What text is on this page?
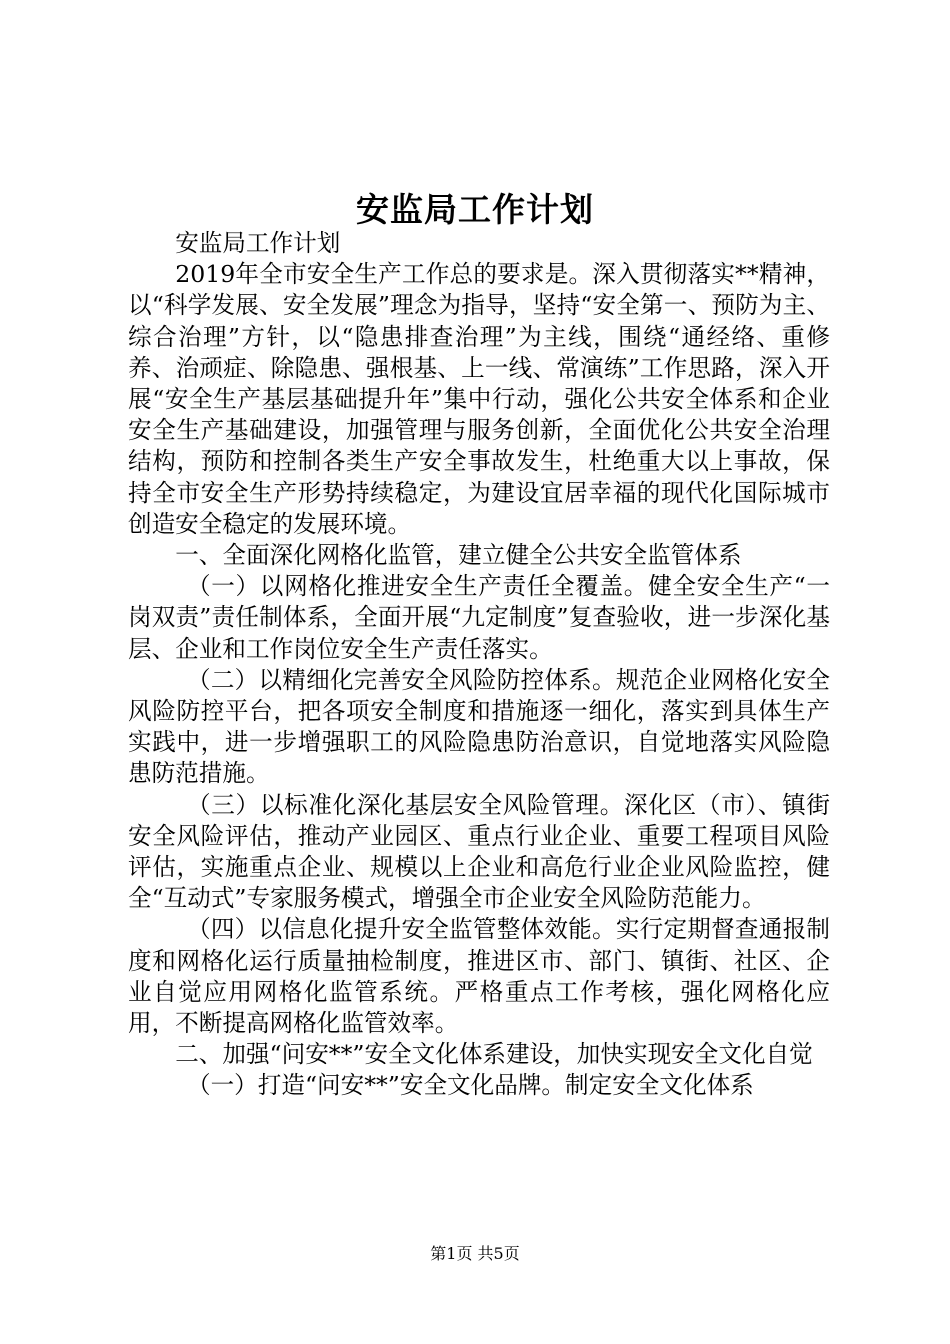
安监局工作计划

安监局工作计划

2019年全市安全生产工作总的要求是。深入贯彻落实**精神，以“科学发展、安全发展”理念为指导，坚持“安全第一、预防为主、综合治理”方针，以“隐患排查治理”为主线，围绕“通经络、重修养、治顽症、除隐患、强根基、上一线、常演练”工作思路，深入开展“安全生产基层基础提升年”集中行动，强化公共安全体系和企业安全生产基础建设，加强管理与服务创新，全面优化公共安全治理结构，预防和控制各类生产安全事故发生，杜绝重大以上事故，保持全市安全生产形势持续稳定，为建设宜居幸福的现代化国际城市创造安全稳定的发展环境。

一、全面深化网格化监管，建立健全公共安全监管体系

（一）以网格化推进安全生产责任全覆盖。健全安全生产“一岗双责”责任制体系，全面开展“九定制度”复查验收，进一步深化基层、企业和工作岗位安全生产责任落实。

（二）以精细化完善安全风险防控体系。规范企业网格化安全风险防控平台，把各项安全制度和措施逐一细化，落实到具体生产实践中，进一步增强职工的风险隐患防治意识，自觉地落实风险隐患防范措施。

（三）以标准化深化基层安全风险管理。深化区（市）、镇街安全风险评估，推动产业园区、重点行业企业、重要工程项目风险评估，实施重点企业、规模以上企业和高危行业企业风险监控，健全“互动式”专家服务模式，增强全市企业安全风险防范能力。

（四）以信息化提升安全监管整体效能。实行定期督查通报制度和网格化运行质量抽检制度，推进区市、部门、镇街、社区、企业自觉应用网格化监管系统。严格重点工作考核，强化网格化应用，不断提高网格化监管效率。

二、加强“问安**”安全文化体系建设，加快实现安全文化自觉

（一）打造“问安**”安全文化品牌。制定安全文化体系

第1页 共5页
